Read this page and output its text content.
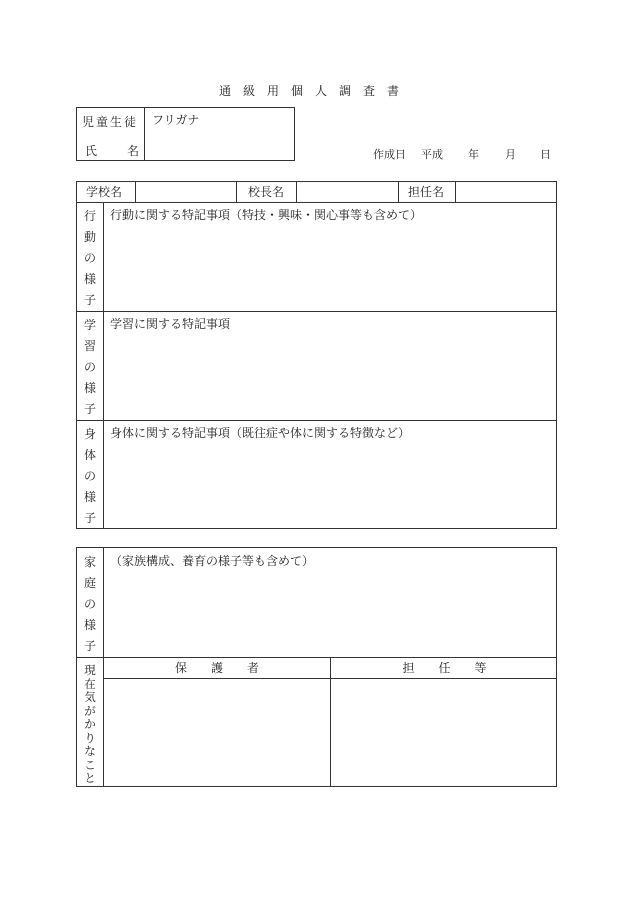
通級用個人調査書
児童生徒
氏 名
フリガナ
作成日 平成 年 月 日
学校名	校長名	担任名
行
動
の
様
子
行動に関する特記事項（特技・興味・関心事等も含めて）
学
習
の
様
子
学習に関する特記事項
身
体
の
様
子
身体に関する特記事項（既往症や体に関する特徴など）
家
庭
の
様
子
（家族構成、養育の様子等も含めて）
現
在
気
が
か
り
な
こ
と
保　　護　　者	担　　任　　等
